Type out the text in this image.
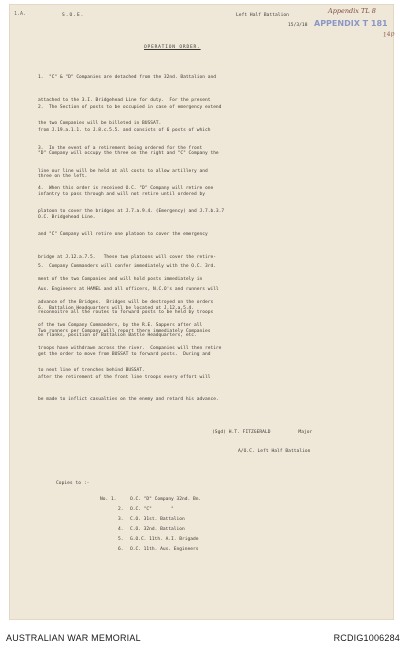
1.A.	S.O.E.	Left Half Battalion
15/3/18
Appendix TL 8
APPENDIX T 181
14p
OPERATION ORDER.

1.  "C" & "D" Companies are detached from the 32nd. Battalion and

attached to the 3.I. Bridgehead Line for duty.  For the present

the two Companies will be billeted in BUSSAT.

2.  The Section of posts to be occupied in case of emergency extend

from J.19.a.1.1. to J.8.c.5.5. and consists of 6 posts of which

"D" Company will occupy the three on the right and "C" Company the

three on the left.

3.  In the event of a retirement being ordered for the front

line our line will be held at all costs to allow artillery and

infantry to pass through and will not retire until ordered by

O.C. Bridgehead Line.

4.  When this order is received O.C. "D" Company will retire one

platoon to cover the bridges at J.7.a.9.4. (Emergency) and J.7.b.3.7

and "C" Company will retire one platoon to cover the emergency

bridge at J.12.a.7.5.   These two platoons will cover the retire-

ment of the two Companies and will hold posts immediately in

advance of the Bridges.  Bridges will be destroyed on the orders

of the two Company Commanders, by the R.E. Sappers after all

troops have withdrawn across the river.  Companies will then retire

to next line of trenches behind BUSSAT.

5.  Company Commanders will confer immediately with the O.C. 3rd.

Aus. Engineers at HAMEL and all officers, N.C.O's and runners will

reconnoitre all the routes to forward posts to be held by troops

on flanks, position of Battalion Battle Headquarters, etc.

6.  Battalion Headquarters will be located at J.12.a.5.4.

Two runners per Company will report there immediately Companies

get the order to move from BUSSAT to forward posts.  During and

after the retirement of the front line troops every effort will

be made to inflict casualties on the enemy and retard his advance.

(Sgd) H.T. FITZGERALD          Major
A/O.C. Left Half Battalion
Copies to :-
No. 1.	O.C. "D" Company 32nd. Bn.
2. O.C. "C"       "
3. C.O. 31st. Battalion
4. C.O. 32nd. Battalion
5. G.O.C. 11th. A.I. Brigade
6. O.C. 11th. Aus. Engineers
AUSTRALIAN WAR MEMORIAL	RCDIG1006284
